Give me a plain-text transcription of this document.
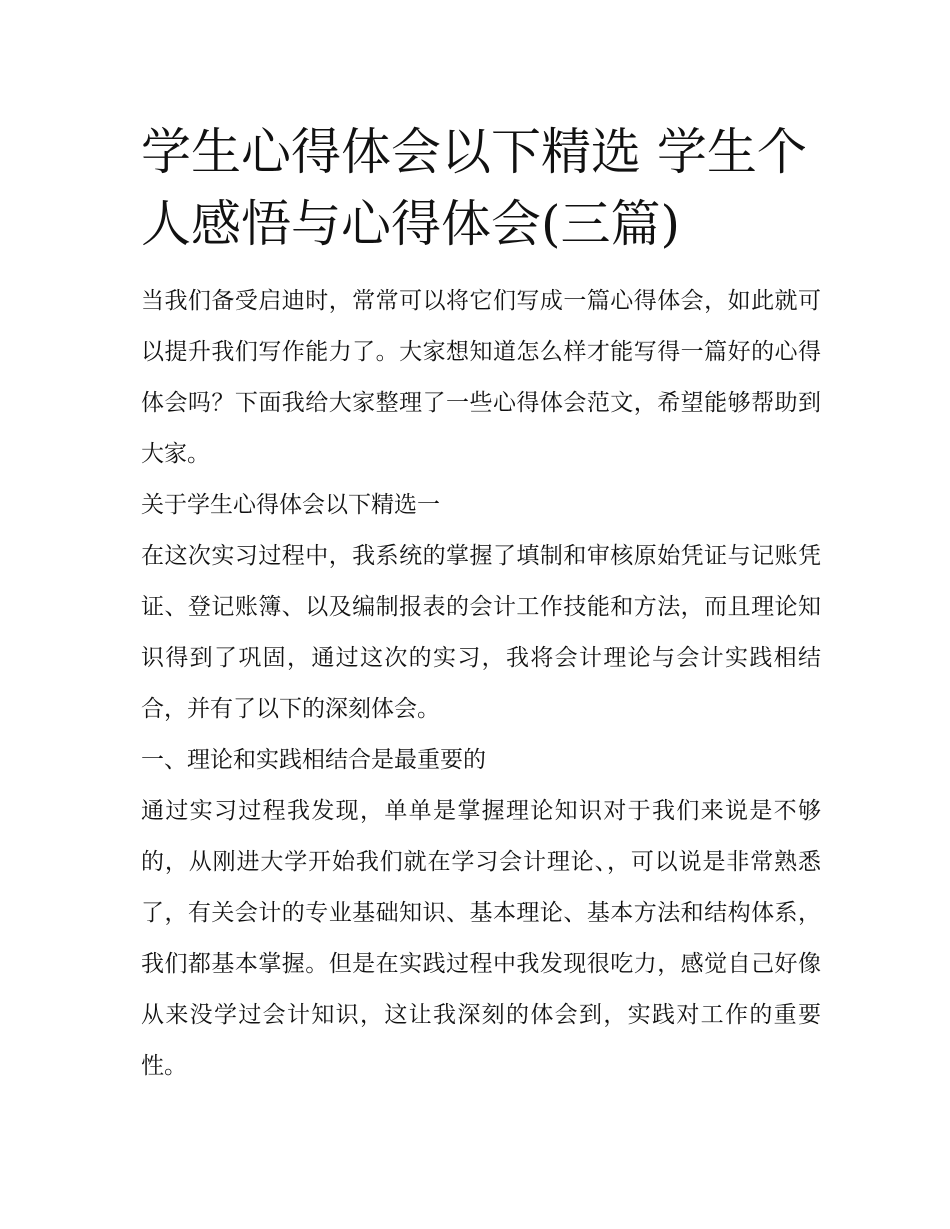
学生心得体会以下精选 学生个人感悟与心得体会(三篇)

当我们备受启迪时，常常可以将它们写成一篇心得体会，如此就可以提升我们写作能力了。大家想知道怎么样才能写得一篇好的心得体会吗？下面我给大家整理了一些心得体会范文，希望能够帮助到大家。

关于学生心得体会以下精选一

在这次实习过程中，我系统的掌握了填制和审核原始凭证与记账凭证、登记账簿、以及编制报表的会计工作技能和方法，而且理论知识得到了巩固，通过这次的实习，我将会计理论与会计实践相结合，并有了以下的深刻体会。

一、理论和实践相结合是最重要的

通过实习过程我发现，单单是掌握理论知识对于我们来说是不够的，从刚进大学开始我们就在学习会计理论、，可以说是非常熟悉了，有关会计的专业基础知识、基本理论、基本方法和结构体系，我们都基本掌握。但是在实践过程中我发现很吃力，感觉自己好像从来没学过会计知识，这让我深刻的体会到，实践对工作的重要性。
